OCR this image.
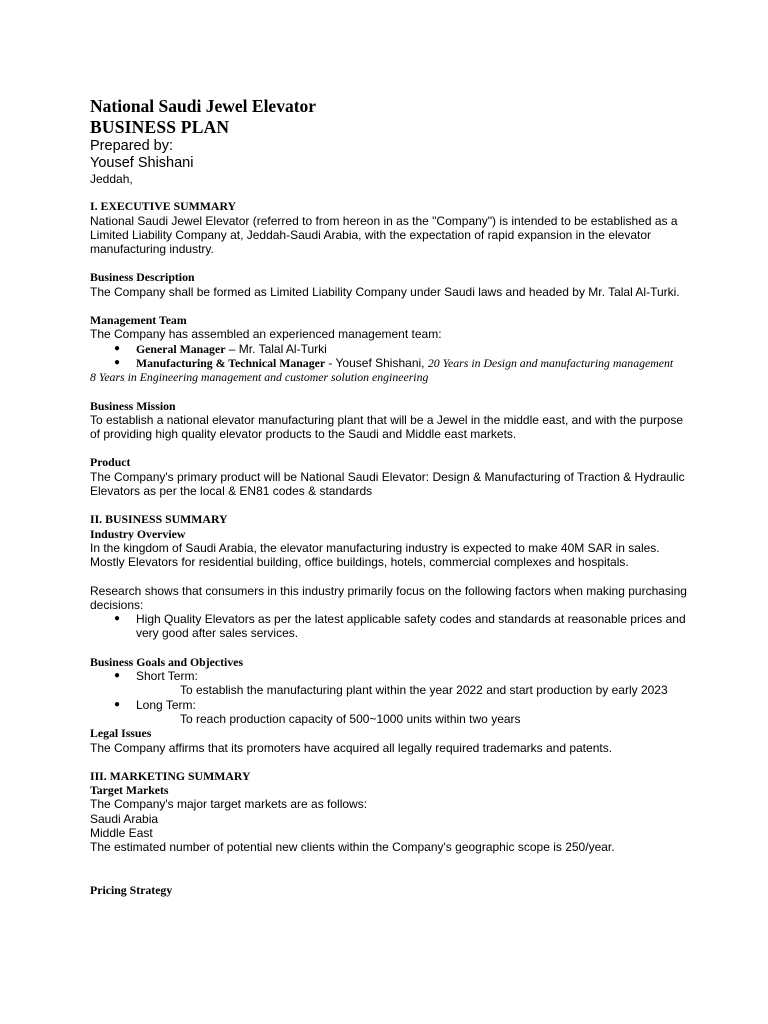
National Saudi Jewel Elevator
BUSINESS PLAN

Prepared by:

Yousef Shishani

Jeddah,

I. EXECUTIVE SUMMARY

National Saudi Jewel Elevator (referred to from hereon in as the "Company") is intended to be established as a Limited Liability Company at, Jeddah-Saudi Arabia, with the expectation of rapid expansion in the elevator manufacturing industry.

Business Description

The Company shall be formed as Limited Liability Company under Saudi laws and headed by Mr. Talal Al-Turki.

Management Team

The Company has assembled an experienced management team:

● General Manager – Mr. Talal Al-Turki
● Manufacturing & Technical Manager - Yousef Shishani, 20 Years in Design and manufacturing management

8 Years in Engineering management and customer solution engineering

Business Mission

To establish a national elevator manufacturing plant that will be a Jewel in the middle east, and with the purpose of providing high quality elevator products to the Saudi and Middle east markets.

Product

The Company's primary product will be National Saudi Elevator: Design & Manufacturing of Traction & Hydraulic Elevators as per the local & EN81 codes & standards

II. BUSINESS SUMMARY

Industry Overview

In the kingdom of Saudi Arabia, the elevator manufacturing industry is expected to make 40M SAR in sales. Mostly Elevators for residential building, office buildings, hotels, commercial complexes and hospitals.

Research shows that consumers in this industry primarily focus on the following factors when making purchasing decisions:

● High Quality Elevators as per the latest applicable safety codes and standards at reasonable prices and very good after sales services.

Business Goals and Objectives

● Short Term:

To establish the manufacturing plant within the year 2022 and start production by early 2023

● Long Term:

To reach production capacity of 500~1000 units within two years

Legal Issues

The Company affirms that its promoters have acquired all legally required trademarks and patents.

III. MARKETING SUMMARY

Target Markets

The Company's major target markets are as follows:

Saudi Arabia

Middle East

The estimated number of potential new clients within the Company's geographic scope is 250/year.

Pricing Strategy
